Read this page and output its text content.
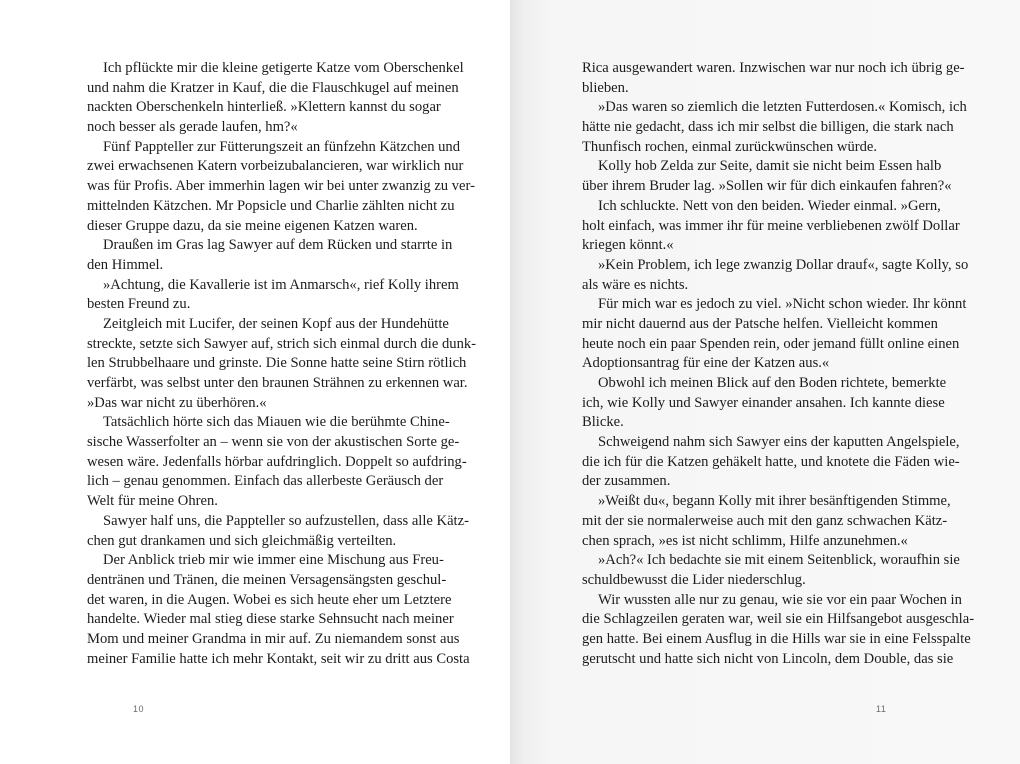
Ich pflückte mir die kleine getigerte Katze vom Oberschenkel
und nahm die Kratzer in Kauf, die die Flauschkugel auf meinen
nackten Oberschenkeln hinterließ. »Klettern kannst du sogar
noch besser als gerade laufen, hm?«
Fünf Pappteller zur Fütterungszeit an fünfzehn Kätzchen und
zwei erwachsenen Katern vorbeizubalancieren, war wirklich nur
was für Profis. Aber immerhin lagen wir bei unter zwanzig zu ver-
mittelnden Kätzchen. Mr Popsicle und Charlie zählten nicht zu
dieser Gruppe dazu, da sie meine eigenen Katzen waren.
Draußen im Gras lag Sawyer auf dem Rücken und starrte in
den Himmel.
»Achtung, die Kavallerie ist im Anmarsch«, rief Kolly ihrem
besten Freund zu.
Zeitgleich mit Lucifer, der seinen Kopf aus der Hundehütte
streckte, setzte sich Sawyer auf, strich sich einmal durch die dunk-
len Strubbelhaare und grinste. Die Sonne hatte seine Stirn rötlich
verfärbt, was selbst unter den braunen Strähnen zu erkennen war.
»Das war nicht zu überhören.«
Tatsächlich hörte sich das Miauen wie die berühmte Chine-
sische Wasserfolter an – wenn sie von der akustischen Sorte ge-
wesen wäre. Jedenfalls hörbar aufdringlich. Doppelt so aufdring-
lich – genau genommen. Einfach das allerbeste Geräusch der
Welt für meine Ohren.
Sawyer half uns, die Pappteller so aufzustellen, dass alle Kätz-
chen gut drankamen und sich gleichmäßig verteilten.
Der Anblick trieb mir wie immer eine Mischung aus Freu-
dentränen und Tränen, die meinen Versagensängsten geschul-
det waren, in die Augen. Wobei es sich heute eher um Letztere
handelte. Wieder mal stieg diese starke Sehnsucht nach meiner
Mom und meiner Grandma in mir auf. Zu niemandem sonst aus
meiner Familie hatte ich mehr Kontakt, seit wir zu dritt aus Costa
10
Rica ausgewandert waren. Inzwischen war nur noch ich übrig ge-
blieben.
»Das waren so ziemlich die letzten Futterdosen.« Komisch, ich
hätte nie gedacht, dass ich mir selbst die billigen, die stark nach
Thunfisch rochen, einmal zurückwünschen würde.
Kolly hob Zelda zur Seite, damit sie nicht beim Essen halb
über ihrem Bruder lag. »Sollen wir für dich einkaufen fahren?«
Ich schluckte. Nett von den beiden. Wieder einmal. »Gern,
holt einfach, was immer ihr für meine verbliebenen zwölf Dollar
kriegen könnt.«
»Kein Problem, ich lege zwanzig Dollar drauf«, sagte Kolly, so
als wäre es nichts.
Für mich war es jedoch zu viel. »Nicht schon wieder. Ihr könnt
mir nicht dauernd aus der Patsche helfen. Vielleicht kommen
heute noch ein paar Spenden rein, oder jemand füllt online einen
Adoptionsantrag für eine der Katzen aus.«
Obwohl ich meinen Blick auf den Boden richtete, bemerkte
ich, wie Kolly und Sawyer einander ansahen. Ich kannte diese
Blicke.
Schweigend nahm sich Sawyer eins der kaputten Angelspiele,
die ich für die Katzen gehäkelt hatte, und knotete die Fäden wie-
der zusammen.
»Weißt du«, begann Kolly mit ihrer besänftigenden Stimme,
mit der sie normalerweise auch mit den ganz schwachen Kätz-
chen sprach, »es ist nicht schlimm, Hilfe anzunehmen.«
»Ach?« Ich bedachte sie mit einem Seitenblick, woraufhin sie
schuldbewusst die Lider niederschlug.
Wir wussten alle nur zu genau, wie sie vor ein paar Wochen in
die Schlagzeilen geraten war, weil sie ein Hilfsangebot ausgeschla-
gen hatte. Bei einem Ausflug in die Hills war sie in eine Felsspalte
gerutscht und hatte sich nicht von Lincoln, dem Double, das sie
11
